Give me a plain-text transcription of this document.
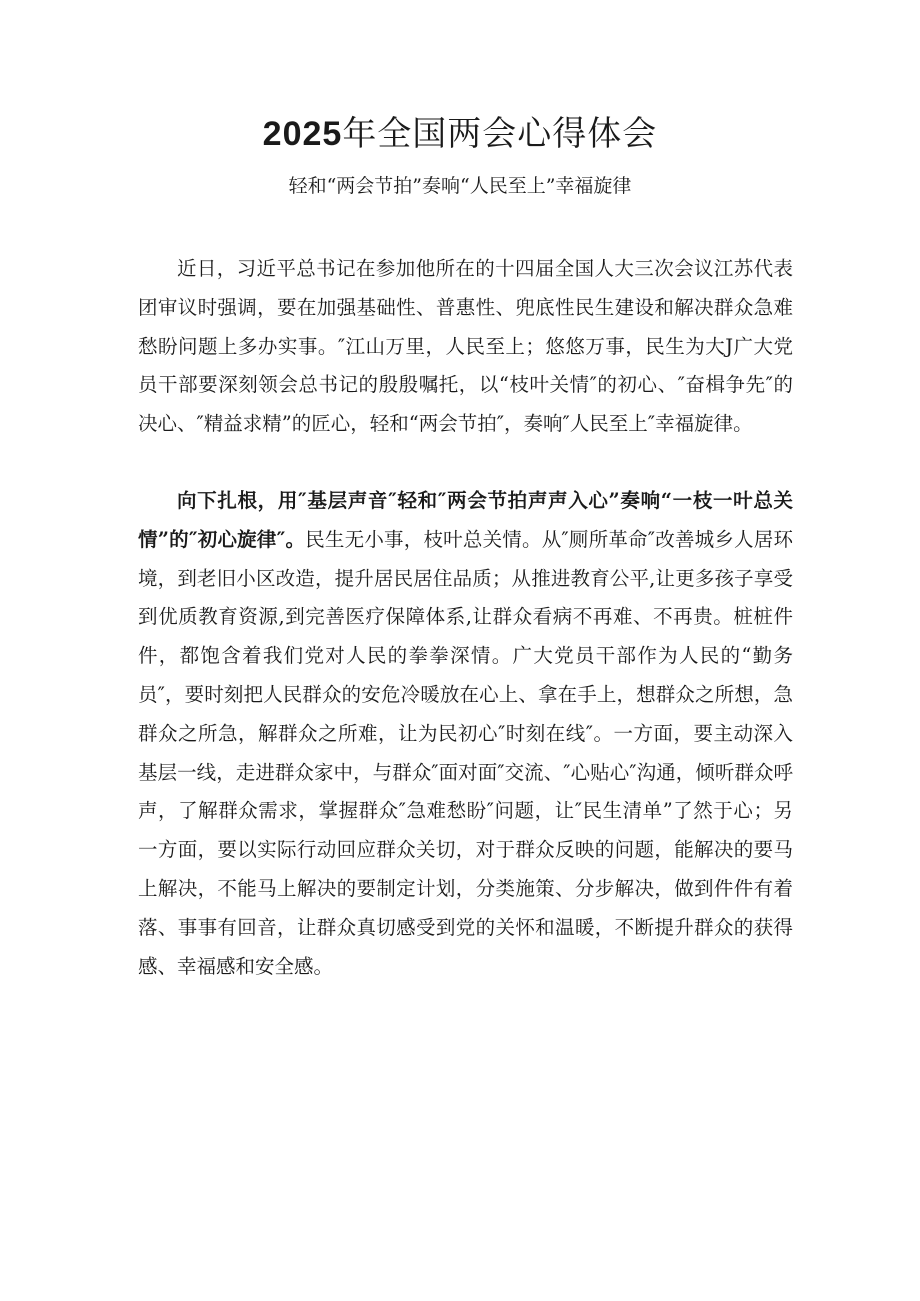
2025年全国两会心得体会

轻和“两会节拍”奏响“人民至上”幸福旋律

近日，习近平总书记在参加他所在的十四届全国人大三次会议江苏代表团审议时强调，要在加强基础性、普惠性、兜底性民生建设和解决群众急难愁盼问题上多办实事。″江山万里，人民至上；悠悠万事，民生为大J广大党员干部要深刻领会总书记的殷殷嘱托，以“枝叶关情″的初心、″奋楫争先″的决心、″精益求精”的匠心，轻和“两会节拍″，奏响″人民至上″幸福旋律。

向下扎根，用″基层声音″轻和″两会节拍声声入心”奏响“一枝一叶总关情”的″初心旋律″。民生无小事，枝叶总关情。从″厕所革命″改善城乡人居环境，到老旧小区改造，提升居民居住品质；从推进教育公平,让更多孩子享受到优质教育资源,到完善医疗保障体系,让群众看病不再难、不再贵。桩桩件件，都饱含着我们党对人民的拳拳深情。广大党员干部作为人民的“勤务员″，要时刻把人民群众的安危冷暖放在心上、拿在手上，想群众之所想，急群众之所急，解群众之所难，让为民初心″时刻在线″。一方面，要主动深入基层一线，走进群众家中，与群众″面对面″交流、″心贴心″沟通，倾听群众呼声，了解群众需求，掌握群众″急难愁盼″问题，让″民生清单”了然于心；另一方面，要以实际行动回应群众关切，对于群众反映的问题，能解决的要马上解决，不能马上解决的要制定计划，分类施策、分步解决，做到件件有着落、事事有回音，让群众真切感受到党的关怀和温暖，不断提升群众的获得感、幸福感和安全感。
